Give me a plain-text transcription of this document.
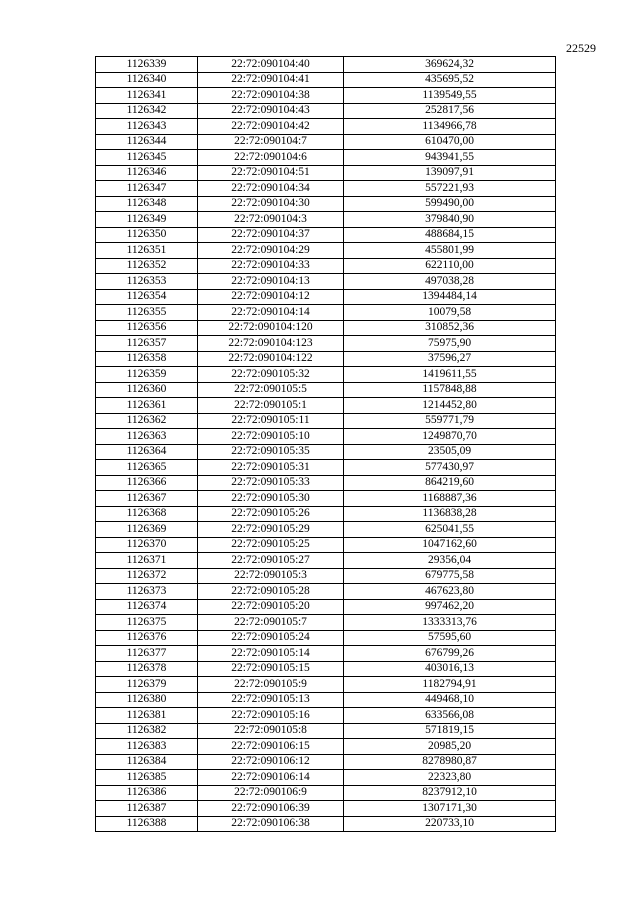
22529
1126339	22:72:090104:40	369624,32
1126340	22:72:090104:41	435695,52
1126341	22:72:090104:38	1139549,55
1126342	22:72:090104:43	252817,56
1126343	22:72:090104:42	1134966,78
1126344	22:72:090104:7	610470,00
1126345	22:72:090104:6	943941,55
1126346	22:72:090104:51	139097,91
1126347	22:72:090104:34	557221,93
1126348	22:72:090104:30	599490,00
1126349	22:72:090104:3	379840,90
1126350	22:72:090104:37	488684,15
1126351	22:72:090104:29	455801,99
1126352	22:72:090104:33	622110,00
1126353	22:72:090104:13	497038,28
1126354	22:72:090104:12	1394484,14
1126355	22:72:090104:14	10079,58
1126356	22:72:090104:120	310852,36
1126357	22:72:090104:123	75975,90
1126358	22:72:090104:122	37596,27
1126359	22:72:090105:32	1419611,55
1126360	22:72:090105:5	1157848,88
1126361	22:72:090105:1	1214452,80
1126362	22:72:090105:11	559771,79
1126363	22:72:090105:10	1249870,70
1126364	22:72:090105:35	23505,09
1126365	22:72:090105:31	577430,97
1126366	22:72:090105:33	864219,60
1126367	22:72:090105:30	1168887,36
1126368	22:72:090105:26	1136838,28
1126369	22:72:090105:29	625041,55
1126370	22:72:090105:25	1047162,60
1126371	22:72:090105:27	29356,04
1126372	22:72:090105:3	679775,58
1126373	22:72:090105:28	467623,80
1126374	22:72:090105:20	997462,20
1126375	22:72:090105:7	1333313,76
1126376	22:72:090105:24	57595,60
1126377	22:72:090105:14	676799,26
1126378	22:72:090105:15	403016,13
1126379	22:72:090105:9	1182794,91
1126380	22:72:090105:13	449468,10
1126381	22:72:090105:16	633566,08
1126382	22:72:090105:8	571819,15
1126383	22:72:090106:15	20985,20
1126384	22:72:090106:12	8278980,87
1126385	22:72:090106:14	22323,80
1126386	22:72:090106:9	8237912,10
1126387	22:72:090106:39	1307171,30
1126388	22:72:090106:38	220733,10
